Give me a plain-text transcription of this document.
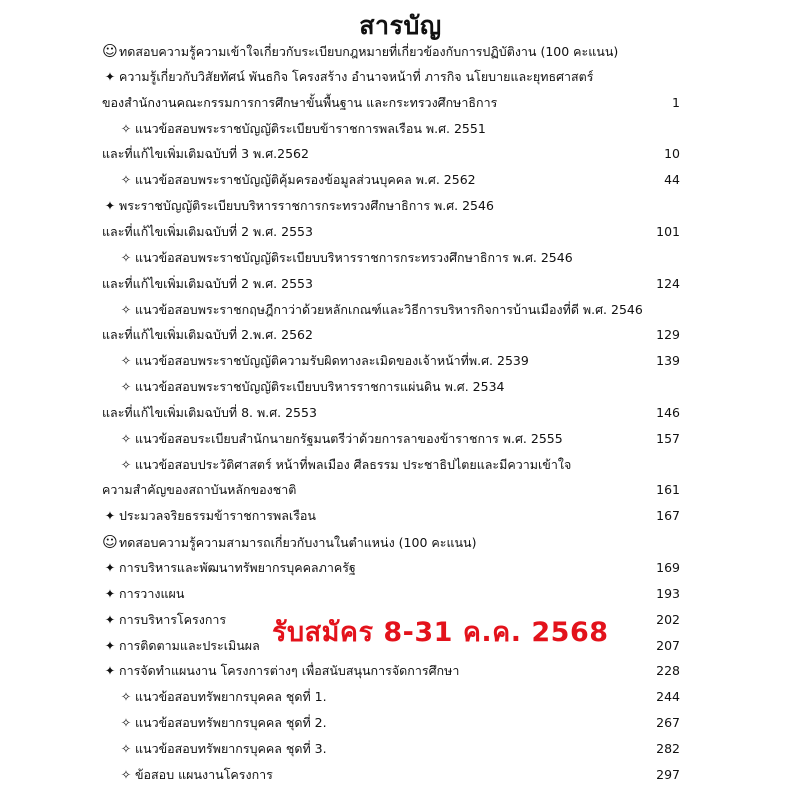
สารบัญ
☺ทดสอบความรู้ความเข้าใจเกี่ยวกับระเบียบกฎหมายที่เกี่ยวข้องกับการปฏิบัติงาน (100 คะแนน)
✦ ความรู้เกี่ยวกับวิสัยทัศน์ พันธกิจ โครงสร้าง อำนาจหน้าที่ ภารกิจ นโยบายและยุทธศาสตร์
ของสำนักงานคณะกรรมการการศึกษาขั้นพื้นฐาน และกระทรวงศึกษาธิการ	1
✧ แนวข้อสอบพระราชบัญญัติระเบียบข้าราชการพลเรือน พ.ศ. 2551
และที่แก้ไขเพิ่มเติมฉบับที่ 3 พ.ศ.2562	10
✧ แนวข้อสอบพระราชบัญญัติคุ้มครองข้อมูลส่วนบุคคล พ.ศ. 2562	44
✦ พระราชบัญญัติระเบียบบริหารราชการกระทรวงศึกษาธิการ พ.ศ. 2546
และที่แก้ไขเพิ่มเติมฉบับที่ 2 พ.ศ. 2553	101
✧ แนวข้อสอบพระราชบัญญัติระเบียบบริหารราชการกระทรวงศึกษาธิการ พ.ศ. 2546
และที่แก้ไขเพิ่มเติมฉบับที่ 2 พ.ศ. 2553	124
✧ แนวข้อสอบพระราชกฤษฎีกาว่าด้วยหลักเกณฑ์และวิธีการบริหารกิจการบ้านเมืองที่ดี พ.ศ. 2546
และที่แก้ไขเพิ่มเติมฉบับที่ 2.พ.ศ. 2562	129
✧ แนวข้อสอบพระราชบัญญัติความรับผิดทางละเมิดของเจ้าหน้าที่พ.ศ. 2539	139
✧ แนวข้อสอบพระราชบัญญัติระเบียบบริหารราชการแผ่นดิน พ.ศ. 2534
และที่แก้ไขเพิ่มเติมฉบับที่ 8. พ.ศ. 2553	146
✧ แนวข้อสอบระเบียบสำนักนายกรัฐมนตรีว่าด้วยการลาของข้าราชการ พ.ศ. 2555	157
✧ แนวข้อสอบประวัติศาสตร์ หน้าที่พลเมือง ศีลธรรม ประชาธิปไตยและมีความเข้าใจ
ความสำคัญของสถาบันหลักของชาติ	161
✦ ประมวลจริยธรรมข้าราชการพลเรือน	167
☺ทดสอบความรู้ความสามารถเกี่ยวกับงานในตำแหน่ง (100 คะแนน)
✦ การบริหารและพัฒนาทรัพยากรบุคคลภาครัฐ	169
✦ การวางแผน	193
✦ การบริหารโครงการ	202
✦ การติดตามและประเมินผล	207
✦ การจัดทำแผนงาน โครงการต่างๆ เพื่อสนับสนุนการจัดการศึกษา	228
✧ แนวข้อสอบทรัพยากรบุคคล ชุดที่ 1.	244
✧ แนวข้อสอบทรัพยากรบุคคล ชุดที่ 2.	267
✧ แนวข้อสอบทรัพยากรบุคคล ชุดที่ 3.	282
✧ ข้อสอบ แผนงานโครงการ	297
รับสมัคร 8-31 ค.ค. 2568
